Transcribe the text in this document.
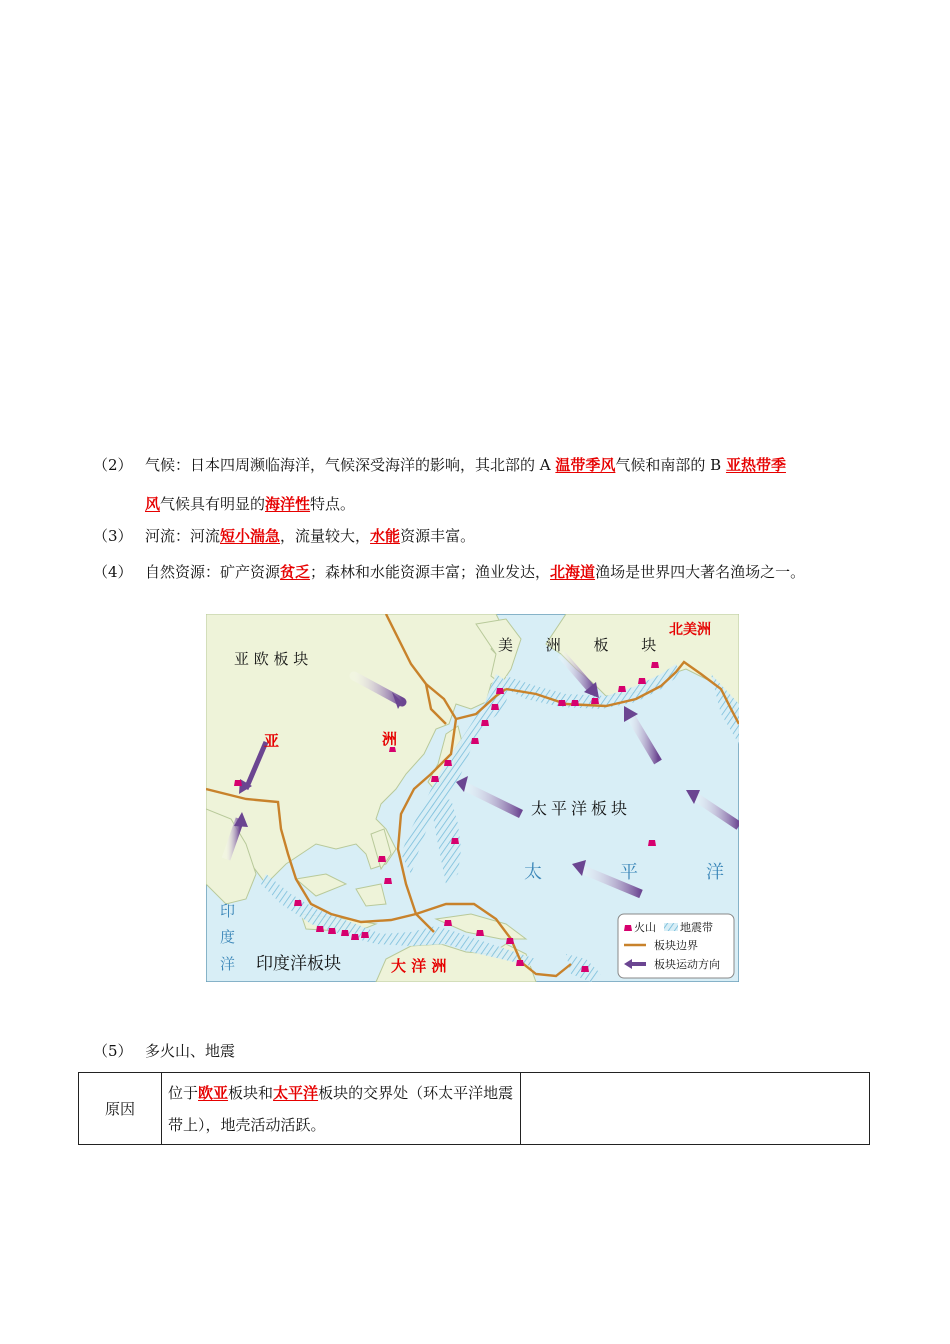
（2） 气候：日本四周濒临海洋，气候深受海洋的影响，其北部的 A 温带季风气候和南部的 B 亚热带季
风气候具有明显的海洋性特点。
（3） 河流：河流短小湍急，流量较大，水能资源丰富。
（4） 自然资源：矿产资源贫乏；森林和水能资源丰富；渔业发达，北海道渔场是世界四大著名渔场之一。
亚 欧 板 块
美 洲 板 块
北美洲
亚	洲
太平洋板块
太	平	洋
印
度
洋 印度洋板块	大 洋 洲
火山 地震带
板块边界
板块运动方向
（5） 多火山、地震
原因	位于欧亚板块和太平洋板块的交界处（环太平洋地震带上），地壳活动活跃。	
